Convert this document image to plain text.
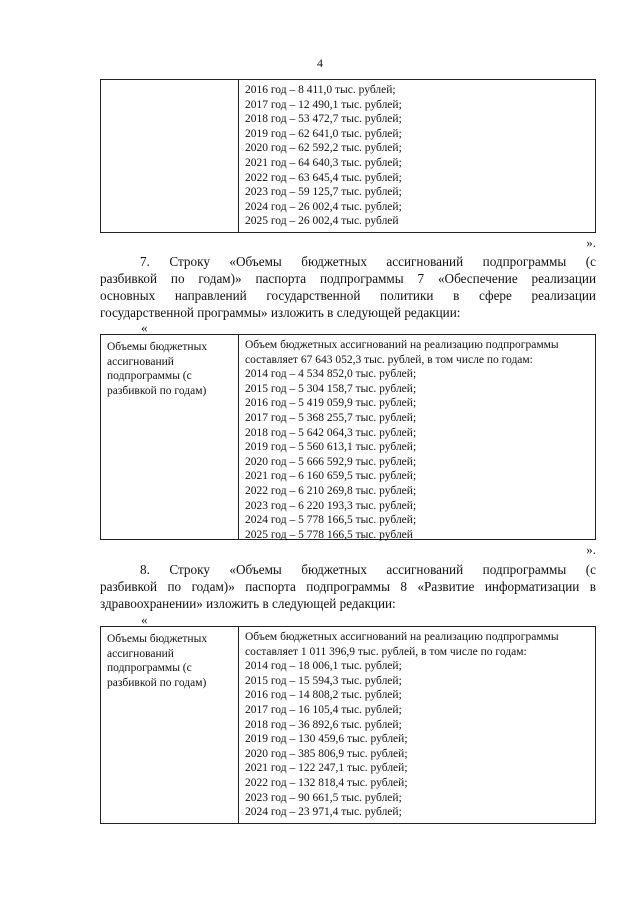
4
2016 год – 8 411,0 тыс. рублей;
2017 год – 12 490,1 тыс. рублей;
2018 год – 53 472,7 тыс. рублей;
2019 год – 62 641,0 тыс. рублей;
2020 год – 62 592,2 тыс. рублей;
2021 год – 64 640,3 тыс. рублей;
2022 год – 63 645,4 тыс. рублей;
2023 год – 59 125,7 тыс. рублей;
2024 год – 26 002,4 тыс. рублей;
2025 год – 26 002,4 тыс. рублей
».
7. Строку «Объемы бюджетных ассигнований подпрограммы (с
разбивкой по годам)» паспорта подпрограммы 7 «Обеспечение реализации
основных направлений государственной политики в сфере реализации
государственной программы» изложить в следующей редакции:
«
Объемы бюджетных
ассигнований
подпрограммы (с
разбивкой по годам)
Объем бюджетных ассигнований на реализацию подпрограммы
составляет 67 643 052,3 тыс. рублей, в том числе по годам:
2014 год – 4 534 852,0 тыс. рублей;
2015 год – 5 304 158,7 тыс. рублей;
2016 год – 5 419 059,9 тыс. рублей;
2017 год – 5 368 255,7 тыс. рублей;
2018 год – 5 642 064,3 тыс. рублей;
2019 год – 5 560 613,1 тыс. рублей;
2020 год – 5 666 592,9 тыс. рублей;
2021 год – 6 160 659,5 тыс. рублей;
2022 год – 6 210 269,8 тыс. рублей;
2023 год – 6 220 193,3 тыс. рублей;
2024 год – 5 778 166,5 тыс. рублей;
2025 год – 5 778 166,5 тыс. рублей
».
8. Строку «Объемы бюджетных ассигнований подпрограммы (с
разбивкой по годам)» паспорта подпрограммы 8 «Развитие информатизации в
здравоохранении» изложить в следующей редакции:
«
Объемы бюджетных
ассигнований
подпрограммы (с
разбивкой по годам)
Объем бюджетных ассигнований на реализацию подпрограммы
составляет 1 011 396,9 тыс. рублей, в том числе по годам:
2014 год – 18 006,1 тыс. рублей;
2015 год – 15 594,3 тыс. рублей;
2016 год – 14 808,2 тыс. рублей;
2017 год – 16 105,4 тыс. рублей;
2018 год – 36 892,6 тыс. рублей;
2019 год – 130 459,6 тыс. рублей;
2020 год – 385 806,9 тыс. рублей;
2021 год – 122 247,1 тыс. рублей;
2022 год – 132 818,4 тыс. рублей;
2023 год – 90 661,5 тыс. рублей;
2024 год – 23 971,4 тыс. рублей;
